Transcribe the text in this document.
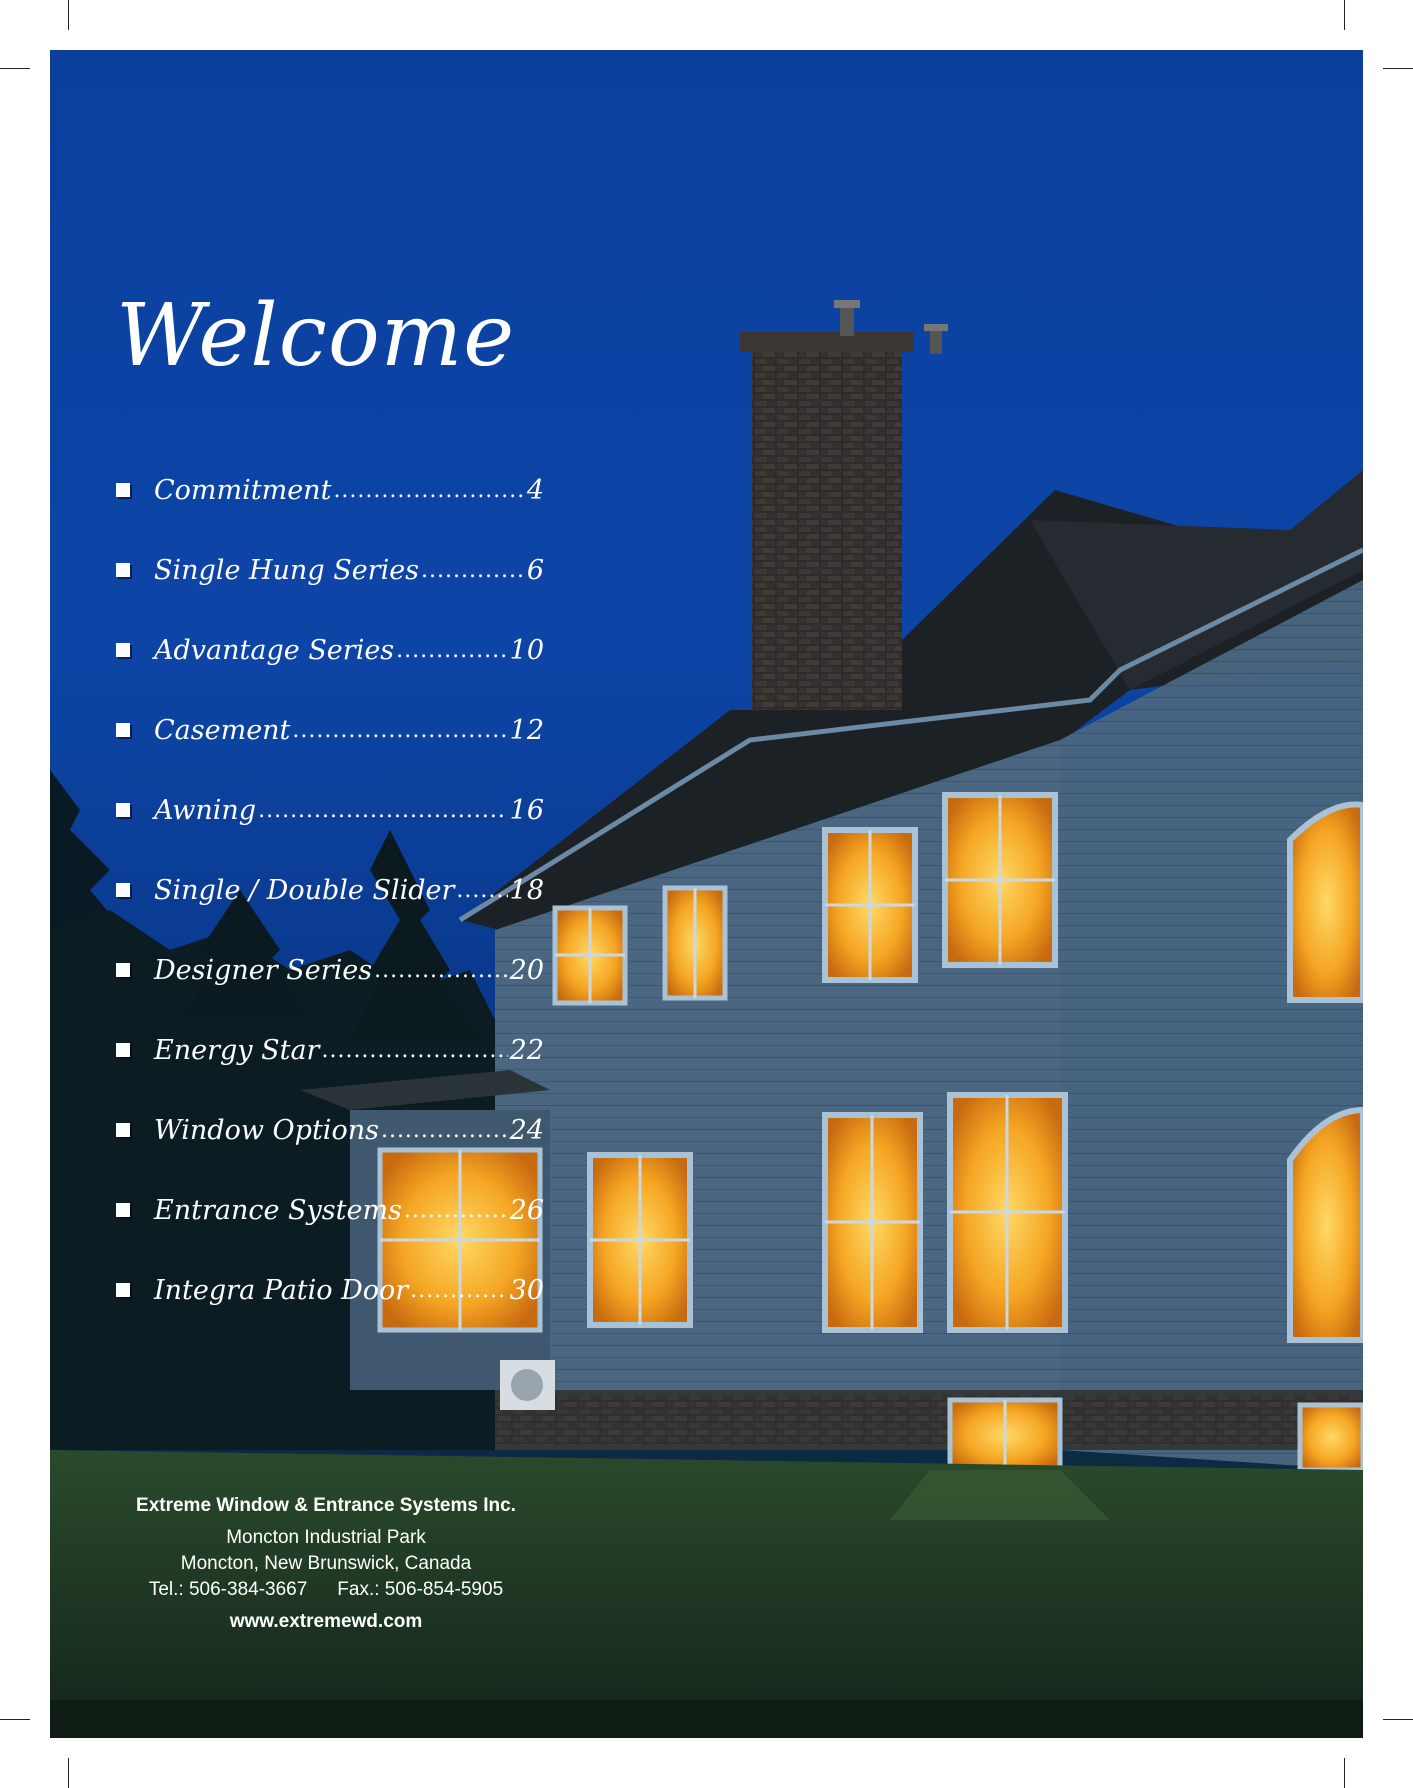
Welcome
Commitment .....	4
Single Hung Series .....	6
Advantage Series .....	10
Casement .....	12
Awning .....	16
Single / Double Slider ..... 18
Designer Series .....	20
Energy Star .....	22
Window Options .....	24
Entrance Systems .....	26
Integra Patio Door .....	30
Extreme Window & Entrance Systems Inc.
Moncton Industrial Park
Moncton, New Brunswick, Canada
Tel.: 506-384-3667 Fax.: 506-854-5905
www.extremewd.com
